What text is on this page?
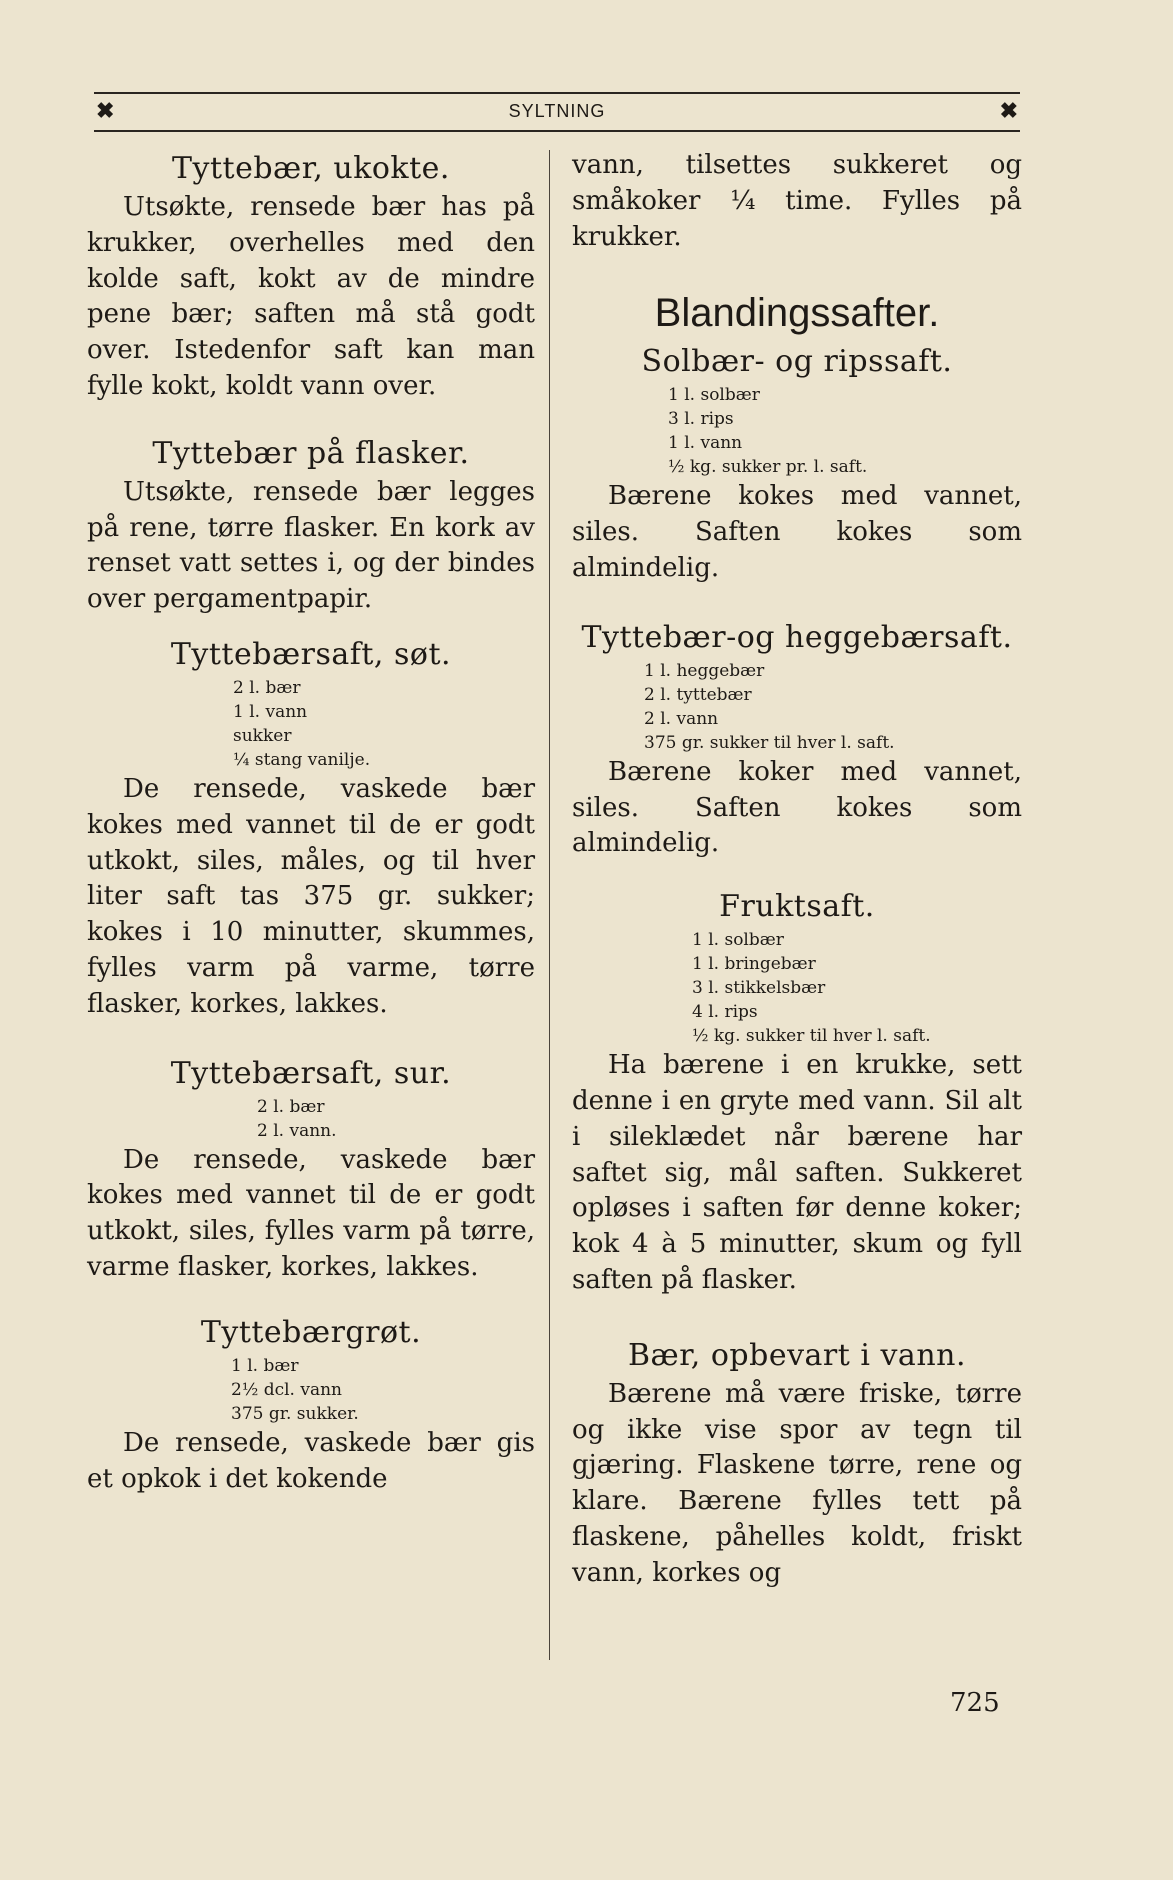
✖	SYLTNING	✖
Tyttebær, ukokte.

Utsøkte, rensede bær has på krukker, overhelles med den kolde saft, kokt av de mindre pene bær; saften må stå godt over. Istedenfor saft kan man fylle kokt, koldt vann over.

Tyttebær på flasker.

Utsøkte, rensede bær legges på rene, tørre flasker. En kork av renset vatt settes i, og der bindes over pergamentpapir.

Tyttebærsaft, søt.

2 l. bær

1 l. vann

sukker

¼ stang vanilje.

De rensede, vaskede bær kokes med vannet til de er godt utkokt, siles, måles, og til hver liter saft tas 375 gr. sukker; kokes i 10 minutter, skummes, fylles varm på varme, tørre flasker, korkes, lakkes.

Tyttebærsaft, sur.

2 l. bær

2 l. vann.

De rensede, vaskede bær kokes med vannet til de er godt utkokt, siles, fylles varm på tørre, varme flasker, korkes, lakkes.

Tyttebærgrøt.

1 l. bær

2½ dcl. vann

375 gr. sukker.

De rensede, vaskede bær gis et opkok i det kokende

vann, tilsettes sukkeret og småkoker ¼ time. Fylles på krukker.

Blandingssafter.
Solbær- og ripssaft.

1 l. solbær

3 l. rips

1 l. vann

½ kg. sukker pr. l. saft.

Bærene kokes med vannet, siles. Saften kokes som almindelig.

Tyttebær-og heggebærsaft.

1 l. heggebær

2 l. tyttebær

2 l. vann

375 gr. sukker til hver l. saft.

Bærene koker med vannet, siles. Saften kokes som almindelig.

Fruktsaft.

1 l. solbær

1 l. bringebær

3 l. stikkelsbær

4 l. rips

½ kg. sukker til hver l. saft.

Ha bærene i en krukke, sett denne i en gryte med vann. Sil alt i sileklædet når bærene har saftet sig, mål saften. Sukkeret opløses i saften før denne koker; kok 4 à 5 minutter, skum og fyll saften på flasker.

Bær, opbevart i vann.

Bærene må være friske, tørre og ikke vise spor av tegn til gjæring. Flaskene tørre, rene og klare. Bærene fylles tett på flaskene, påhelles koldt, friskt vann, korkes og

725
